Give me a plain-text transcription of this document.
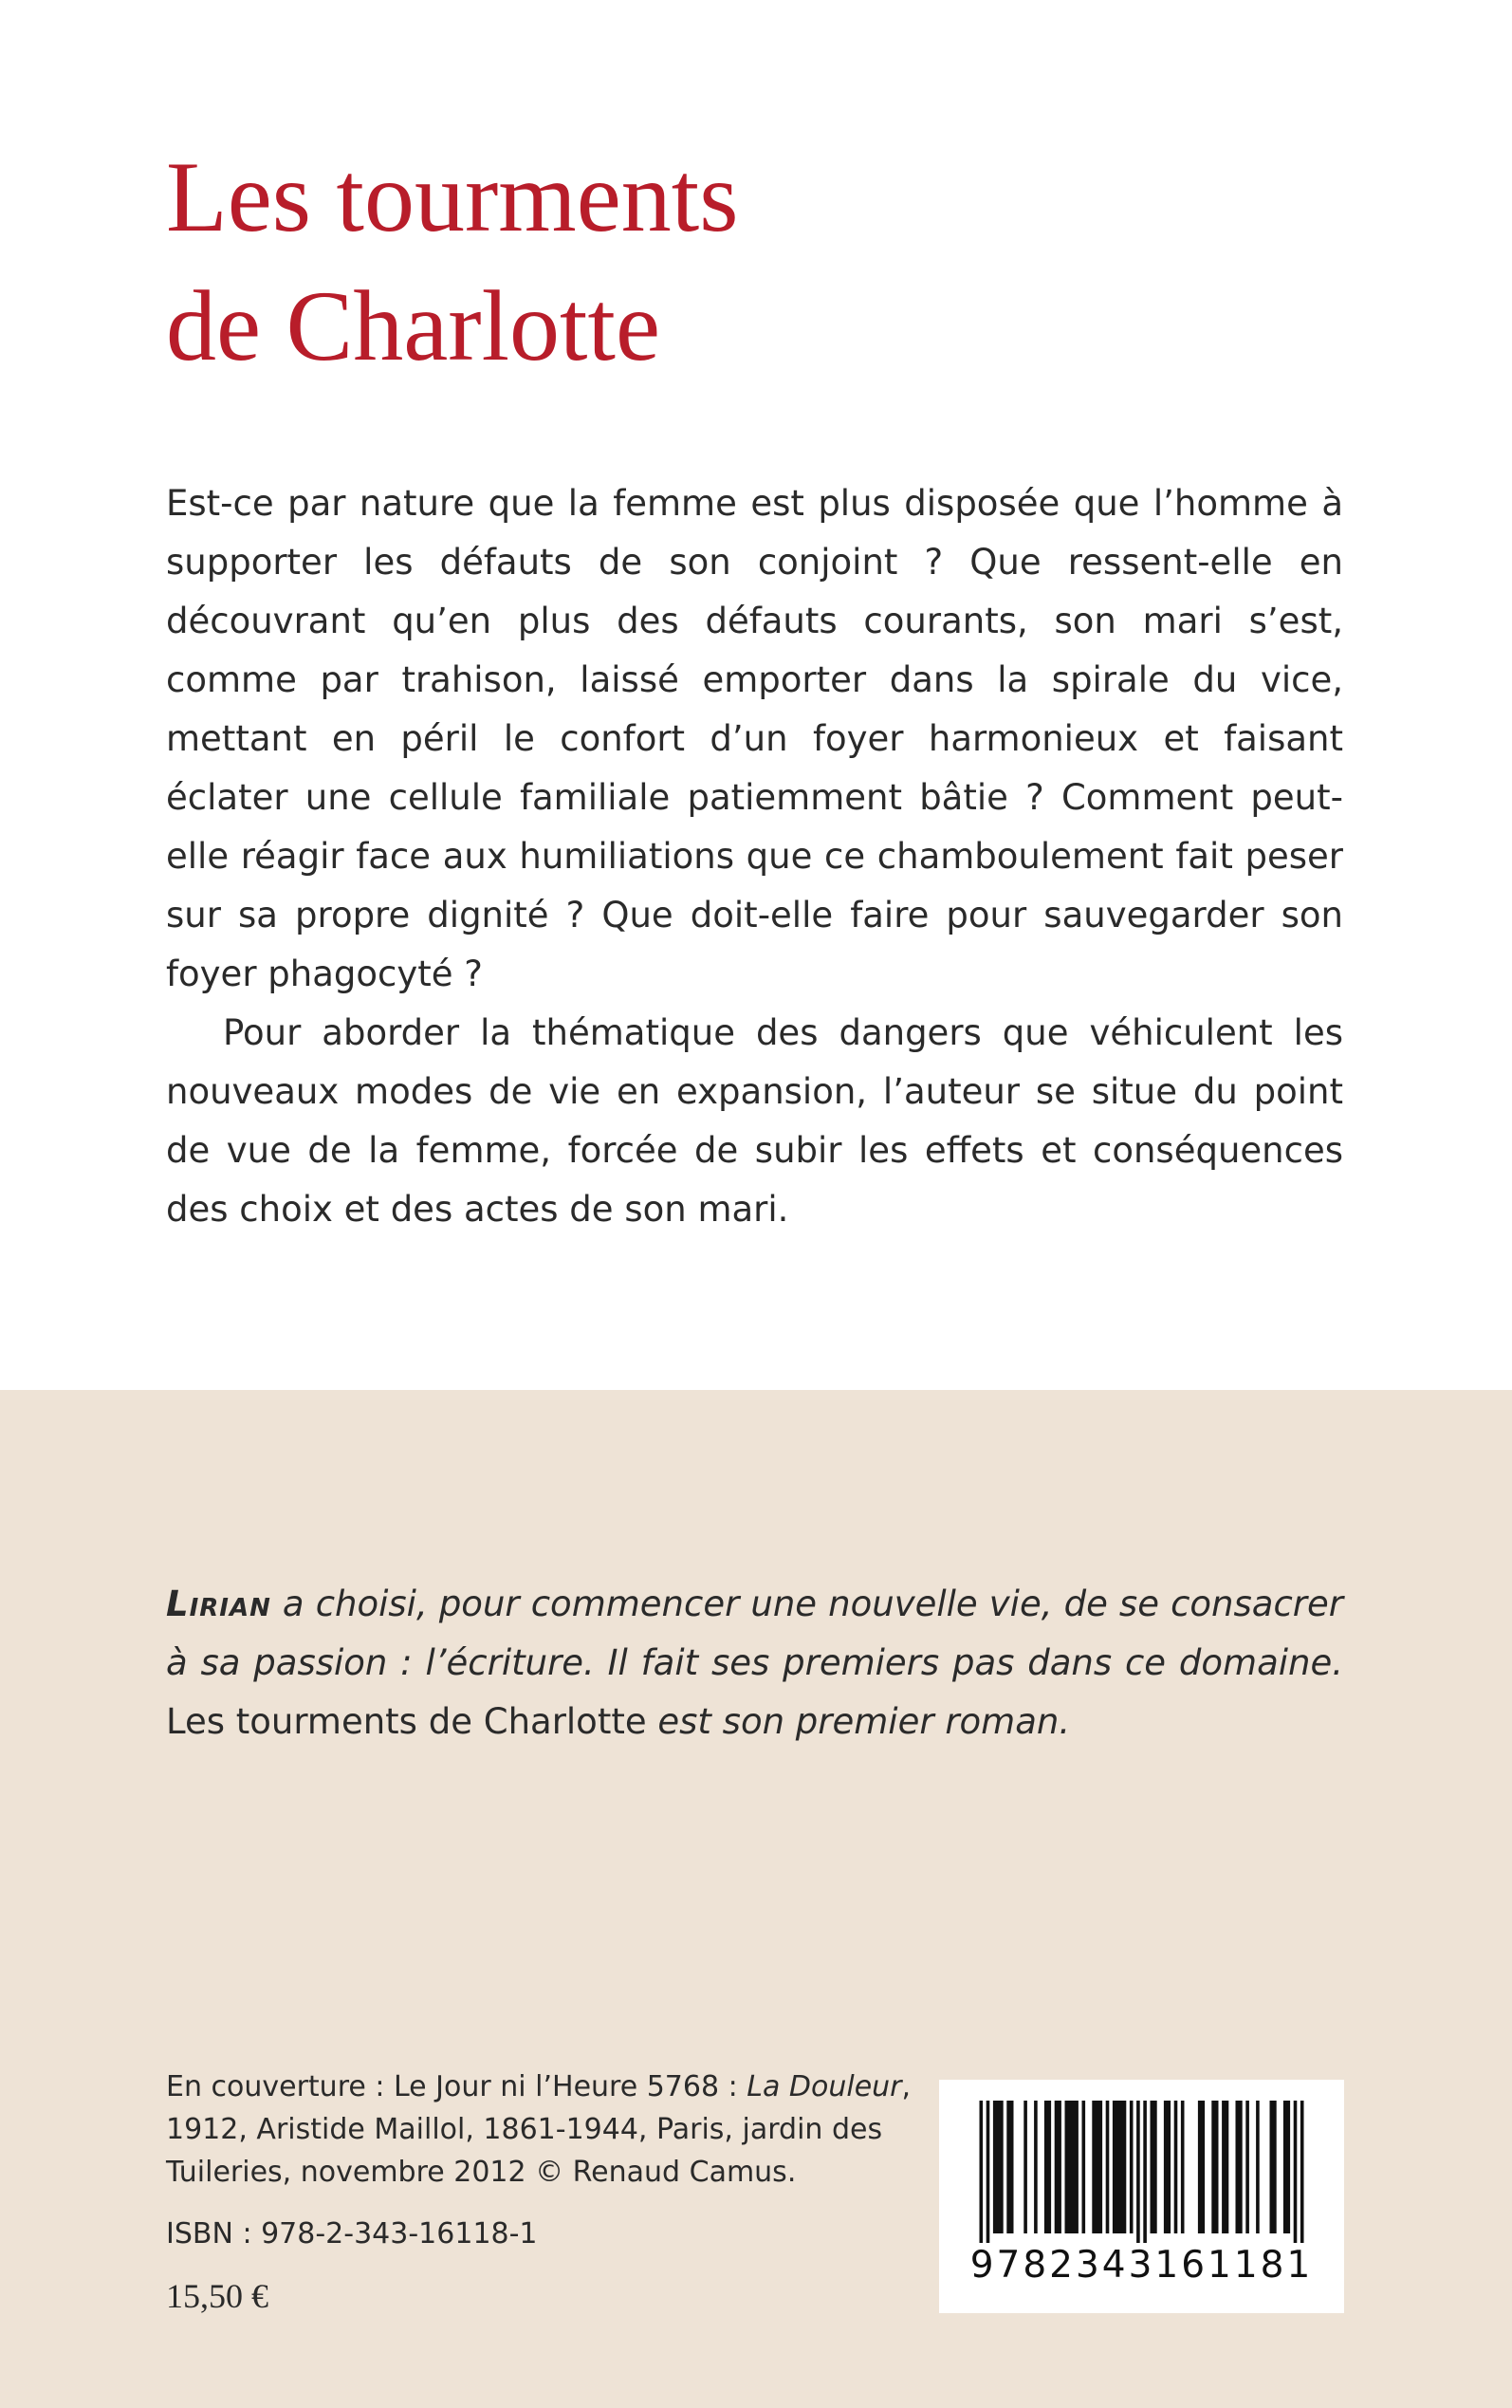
Les tourments
de Charlotte

Est-ce par nature que la femme est plus disposée que l’homme à supporter les défauts de son conjoint ? Que ressent-elle en découvrant qu’en plus des défauts courants, son mari s’est, comme par trahison, laissé emporter dans la spirale du vice, mettant en péril le confort d’un foyer harmonieux et faisant éclater une cellule familiale patiemment bâtie ? Comment peut-elle réagir face aux humiliations que ce chamboulement fait peser sur sa propre dignité ? Que doit-elle faire pour sauvegarder son foyer phagocyté ?

Pour aborder la thématique des dangers que véhiculent les nouveaux modes de vie en expansion, l’auteur se situe du point de vue de la femme, forcée de subir les effets et conséquences des choix et des actes de son mari.

Lirian a choisi, pour commencer une nouvelle vie, de se consacrer à sa passion : l’écriture. Il fait ses premiers pas dans ce domaine. Les tourments de Charlotte est son premier roman.

En couverture : Le Jour ni l’Heure 5768 : La Douleur, 1912, Aristide Maillol, 1861-1944, Paris, jardin des Tuileries, novembre 2012 © Renaud Camus.

ISBN : 978-2-343-16118-1
15,50 €
9782343161181
